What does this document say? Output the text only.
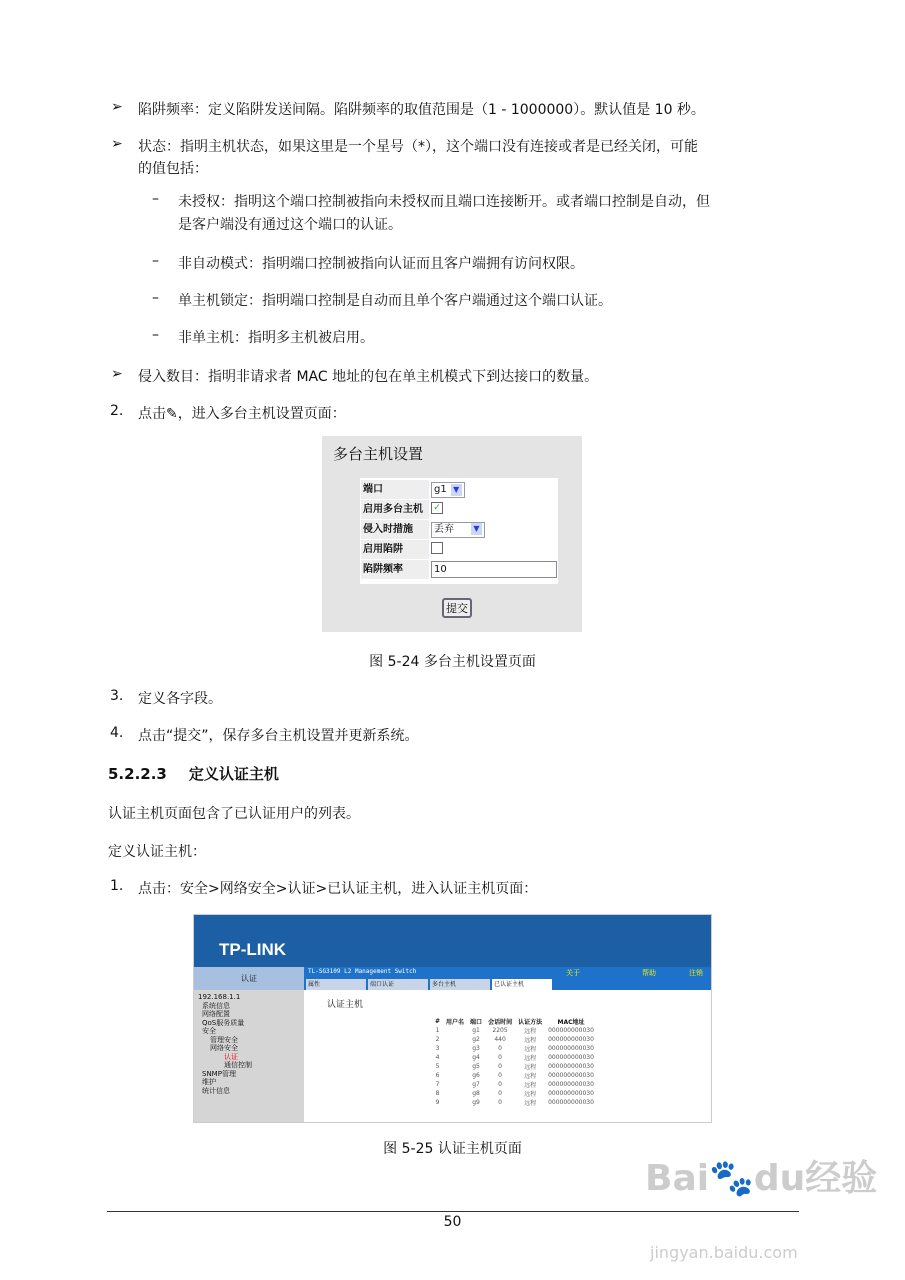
➢ 陷阱频率：定义陷阱发送间隔。陷阱频率的取值范围是（1 - 1000000）。默认值是 10 秒。
➢ 状态：指明主机状态，如果这里是一个星号（*），这个端口没有连接或者是已经关闭，可能
的值包括：
– 未授权：指明这个端口控制被指向未授权而且端口连接断开。或者端口控制是自动，但
是客户端没有通过这个端口的认证。
– 非自动模式：指明端口控制被指向认证而且客户端拥有访问权限。
– 单主机锁定：指明端口控制是自动而且单个客户端通过这个端口认证。
– 非单主机：指明多主机被启用。
➢ 侵入数目：指明非请求者 MAC 地址的包在单主机模式下到达接口的数量。
2. 点击✎，进入多台主机设置页面：
多台主机设置
端口	g1 ▼
启用多台主机	✓
侵入时措施	丢弃	▼
启用陷阱
陷阱频率	10
提交
图 5-24 多台主机设置页面
3. 定义各字段。
4. 点击“提交”，保存多台主机设置并更新系统。
5.2.2.3 定义认证主机
认证主机页面包含了已认证用户的列表。
定义认证主机：
1. 点击：安全>网络安全>认证>已认证主机，进入认证主机页面：
TP-LINK
认证
TL-SG3109 L2 Management Switch	关于	帮助	注销
属性	端口认证	多台主机	已认证主机
192.168.1.1
系统信息
网络配置
QoS服务质量
安全
管理安全
网络安全
认证
通信控制
SNMP管理
维护
统计信息
认证主机
#	用户名	端口	会话时间	认证方法	MAC地址
1		g1	2205	远程	000000000030
2		g2	440	远程	000000000030
3		g3	0	远程	000000000030
4		g4	0	远程	000000000030
5		g5	0	远程	000000000030
6		g6	0	远程	000000000030
7		g7	0	远程	000000000030
8		g8	0	远程	000000000030
9		g9	0	远程	000000000030
图 5-25 认证主机页面
50
Bai🐾du经验
jingyan.baidu.com
